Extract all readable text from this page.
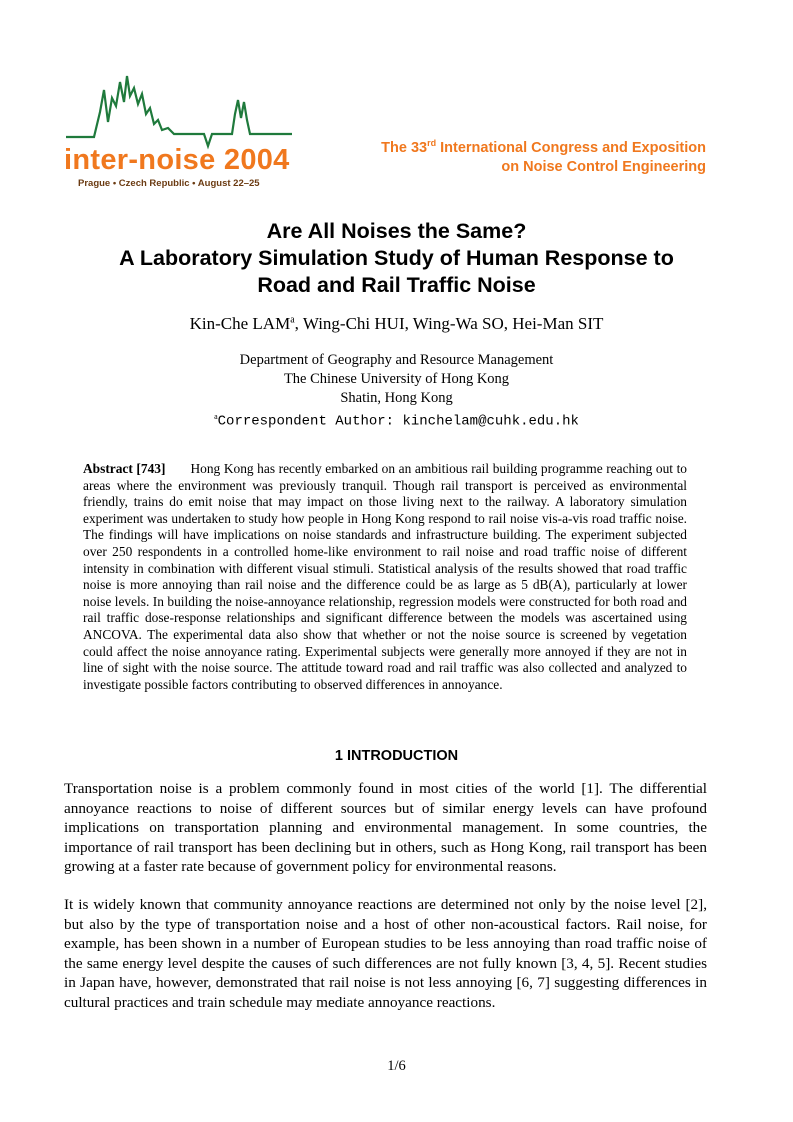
inter-noise 2004
Prague • Czech Republic • August 22–25
The 33rd International Congress and Exposition
on Noise Control Engineering
Are All Noises the Same?
A Laboratory Simulation Study of Human Response to
Road and Rail Traffic Noise
Kin-Che LAM$^a$, Wing-Chi HUI, Wing-Wa SO, Hei-Man SIT
Department of Geography and Resource Management
The Chinese University of Hong Kong
Shatin, Hong Kong
$^a$Correspondent Author: kinchelam@cuhk.edu.hk
Abstract [743] Hong Kong has recently embarked on an ambitious rail building programme reaching out to areas where the environment was previously tranquil. Though rail transport is perceived as environmental friendly, trains do emit noise that may impact on those living next to the railway. A laboratory simulation experiment was undertaken to study how people in Hong Kong respond to rail noise vis-a-vis road traffic noise. The findings will have implications on noise standards and infrastructure building. The experiment subjected over 250 respondents in a controlled home-like environment to rail noise and road traffic noise of different intensity in combination with different visual stimuli. Statistical analysis of the results showed that road traffic noise is more annoying than rail noise and the difference could be as large as 5 dB(A), particularly at lower noise levels. In building the noise-annoyance relationship, regression models were constructed for both road and rail traffic dose-response relationships and significant difference between the models was ascertained using ANCOVA. The experimental data also show that whether or not the noise source is screened by vegetation could affect the noise annoyance rating. Experimental subjects were generally more annoyed if they are not in line of sight with the noise source. The attitude toward road and rail traffic was also collected and analyzed to investigate possible factors contributing to observed differences in annoyance.
1 INTRODUCTION
Transportation noise is a problem commonly found in most cities of the world [1]. The differential annoyance reactions to noise of different sources but of similar energy levels can have profound implications on transportation planning and environmental management. In some countries, the importance of rail transport has been declining but in others, such as Hong Kong, rail transport has been growing at a faster rate because of government policy for environmental reasons.
It is widely known that community annoyance reactions are determined not only by the noise level [2], but also by the type of transportation noise and a host of other non-acoustical factors. Rail noise, for example, has been shown in a number of European studies to be less annoying than road traffic noise of the same energy level despite the causes of such differences are not fully known [3, 4, 5]. Recent studies in Japan have, however, demonstrated that rail noise is not less annoying [6, 7] suggesting differences in cultural practices and train schedule may mediate annoyance reactions.
1/6
